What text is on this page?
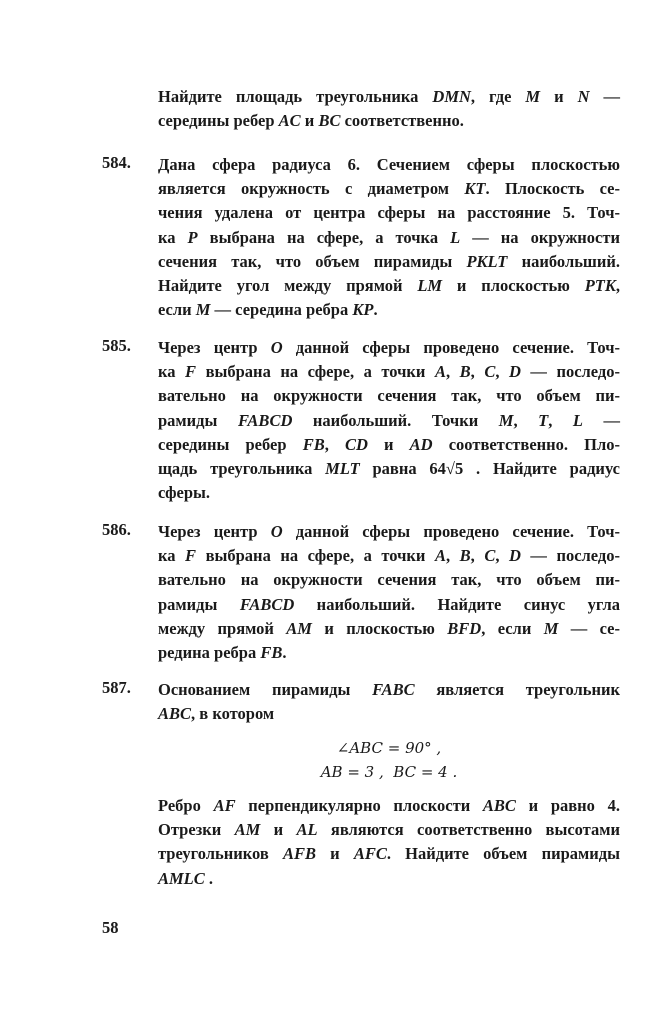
Найдите площадь треугольника DMN, где M и N —
середины ребер AC и BC соответственно.
584. Дана сфера радиуса 6. Сечением сферы плоскостью
является окружность с диаметром KT. Плоскость се-
чения удалена от центра сферы на расстояние 5. Точ-
ка P выбрана на сфере, а точка L — на окружности
сечения так, что объем пирамиды PKLT наибольший.
Найдите угол между прямой LM и плоскостью PTK,
если M — середина ребра KP.
585. Через центр O данной сферы проведено сечение. Точ-
ка F выбрана на сфере, а точки A, B, C, D — последо-
вательно на окружности сечения так, что объем пи-
рамиды FABCD наибольший. Точки M, T, L —
середины ребер FB, CD и AD соответственно. Пло-
щадь треугольника MLT равна 64√5 . Найдите радиус
сферы.
586. Через центр O данной сферы проведено сечение. Точ-
ка F выбрана на сфере, а точки A, B, C, D — последо-
вательно на окружности сечения так, что объем пи-
рамиды FABCD наибольший. Найдите синус угла
между прямой AM и плоскостью BFD, если M — се-
редина ребра FB.
587. Основанием пирамиды FABC является треугольник
ABC, в котором
∠ABC = 90° ,
AB = 3 ,  BC = 4 .
Ребро AF перпендикулярно плоскости ABC и равно 4.
Отрезки AM и AL являются соответственно высотами
треугольников AFB и AFC. Найдите объем пирамиды
AMLC .
58
